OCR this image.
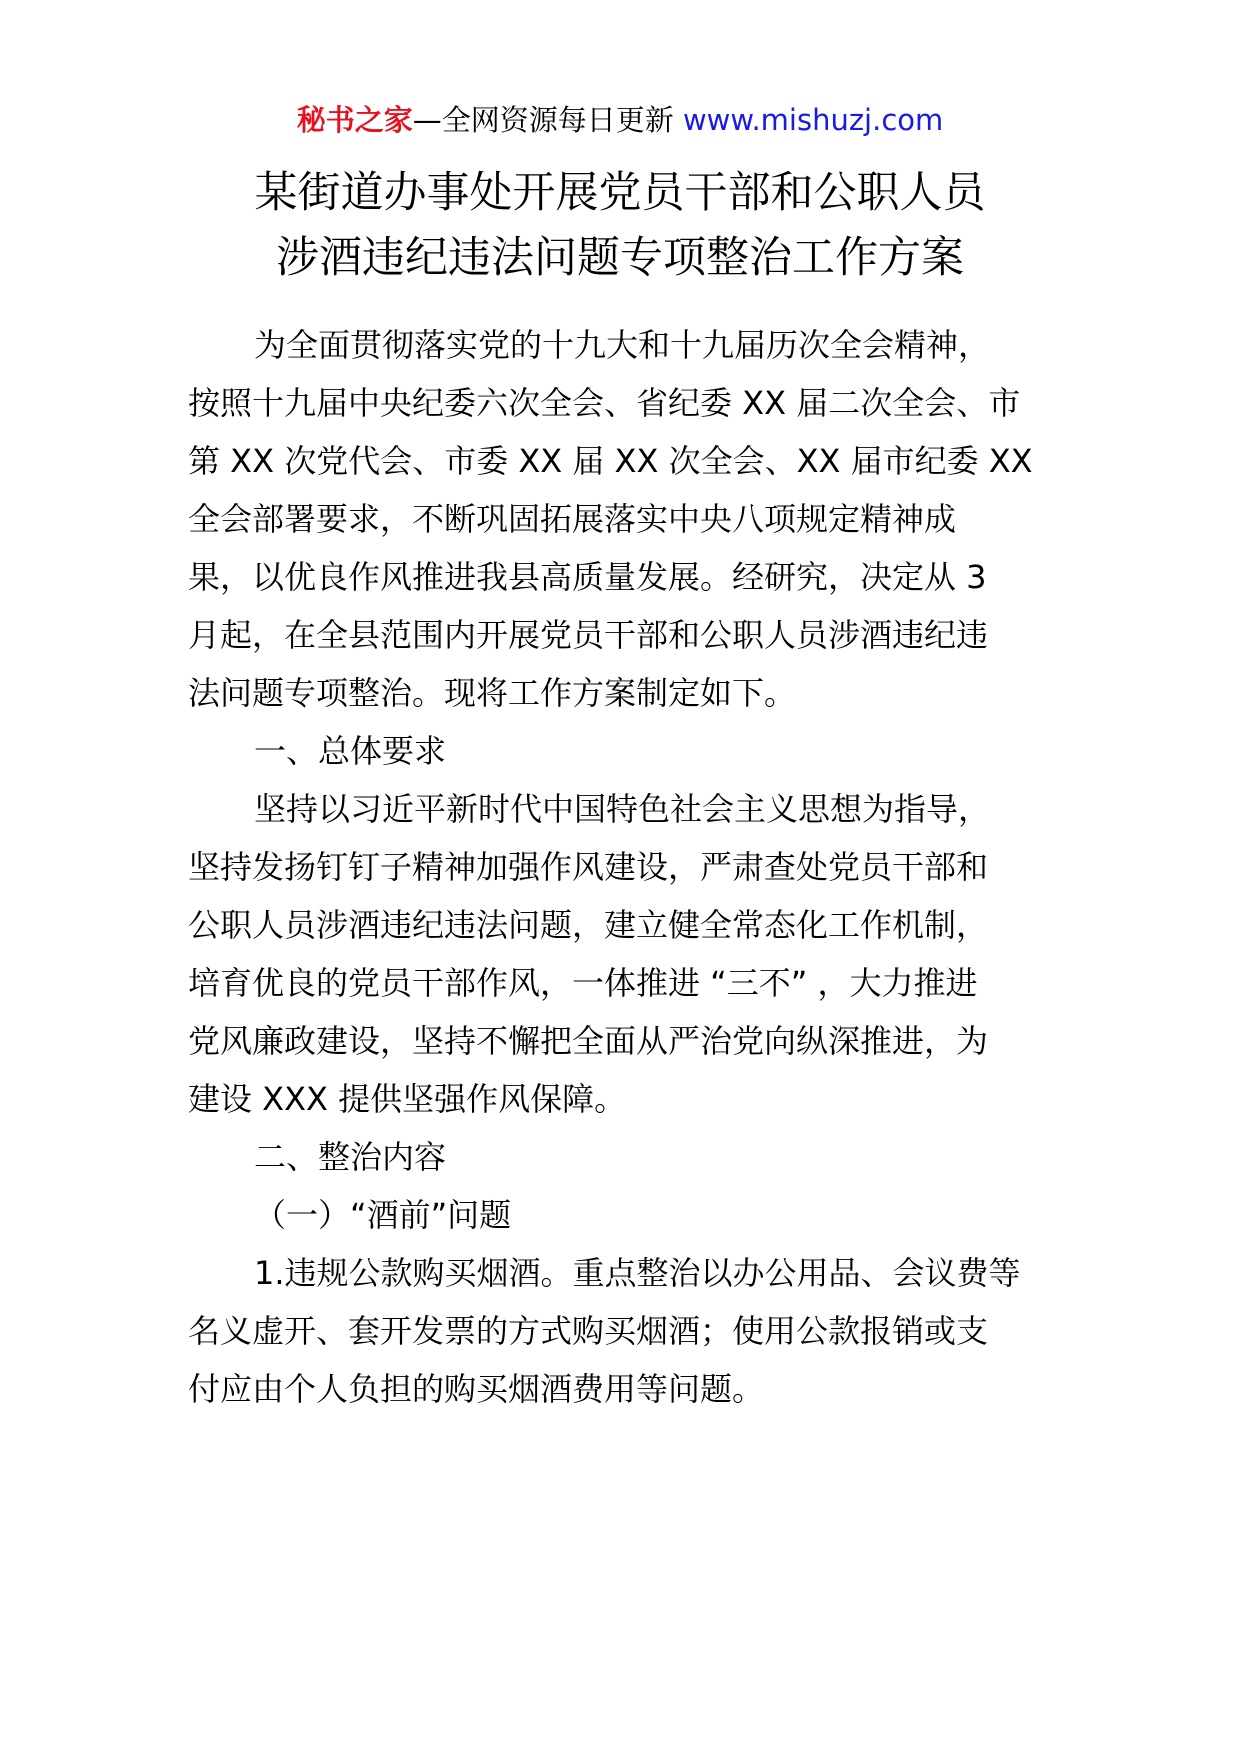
秘书之家—全网资源每日更新 www.mishuzj.com
某街道办事处开展党员干部和公职人员
涉酒违纪违法问题专项整治工作方案
为全面贯彻落实党的十九大和十九届历次全会精神，
按照十九届中央纪委六次全会、省纪委 XX 届二次全会、市
第 XX 次党代会、市委 XX 届 XX 次全会、XX 届市纪委 XX
全会部署要求，不断巩固拓展落实中央八项规定精神成
果，以优良作风推进我县高质量发展。经研究，决定从 3
月起，在全县范围内开展党员干部和公职人员涉酒违纪违
法问题专项整治。现将工作方案制定如下。
一、总体要求
坚持以习近平新时代中国特色社会主义思想为指导，
坚持发扬钉钉子精神加强作风建设，严肃查处党员干部和
公职人员涉酒违纪违法问题，建立健全常态化工作机制，
培育优良的党员干部作风，一体推进 “三不” ，大力推进
党风廉政建设，坚持不懈把全面从严治党向纵深推进，为
建设 XXX 提供坚强作风保障。
二、整治内容
（一）“酒前”问题
1.违规公款购买烟酒。重点整治以办公用品、会议费等
名义虚开、套开发票的方式购买烟酒；使用公款报销或支
付应由个人负担的购买烟酒费用等问题。
